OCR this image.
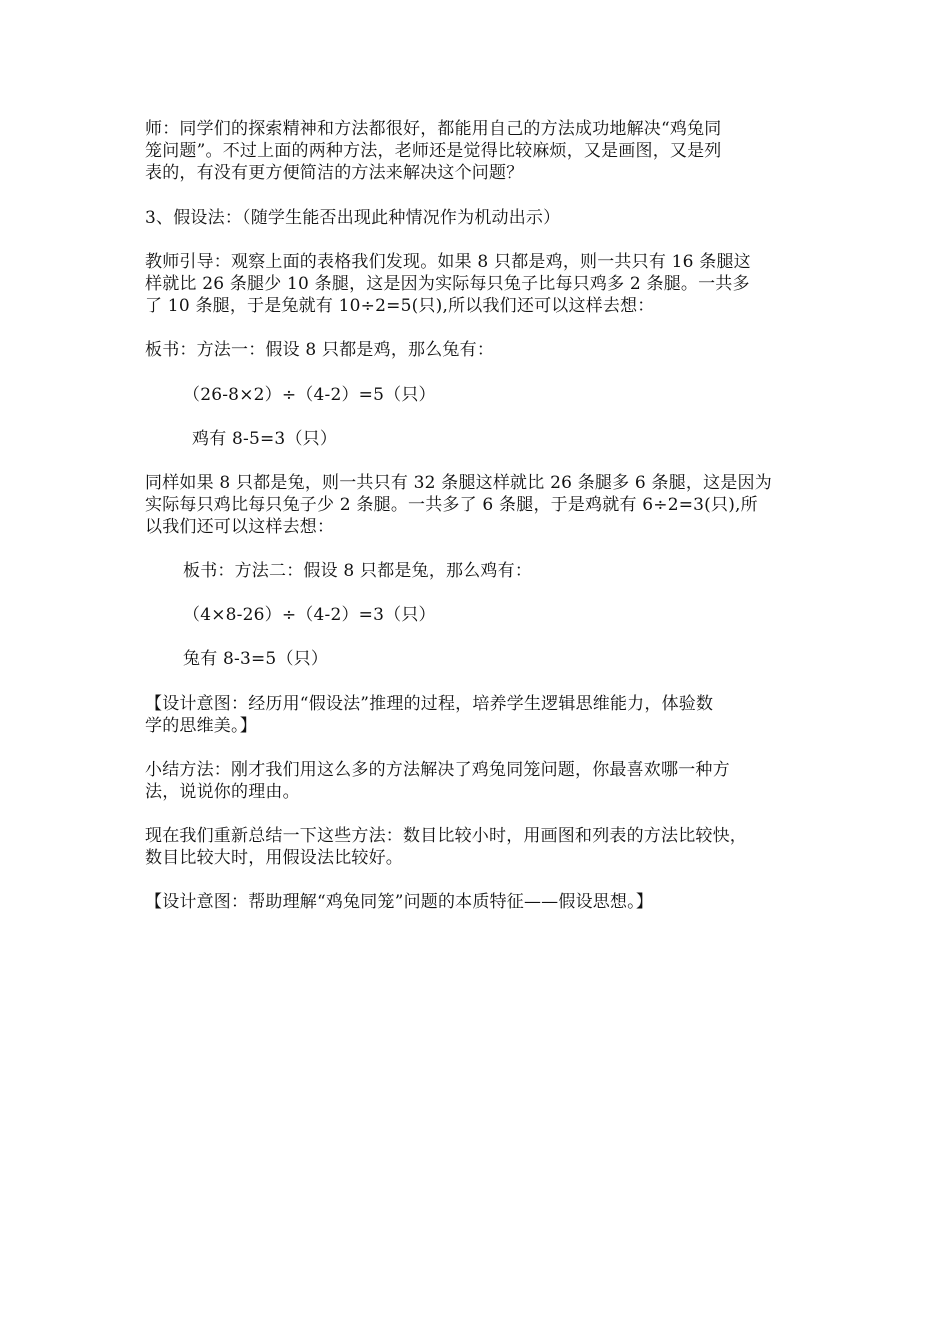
师：同学们的探索精神和方法都很好，都能用自己的方法成功地解决“鸡兔同

笼问题”。不过上面的两种方法，老师还是觉得比较麻烦，又是画图，又是列

表的，有没有更方便简洁的方法来解决这个问题？

3、假设法：（随学生能否出现此种情况作为机动出示）

教师引导：观察上面的表格我们发现。如果 8 只都是鸡，则一共只有 16 条腿这

样就比 26 条腿少 10 条腿，这是因为实际每只兔子比每只鸡多 2 条腿。一共多

了 10 条腿，于是兔就有 10÷2=5(只),所以我们还可以这样去想：

板书：方法一：假设 8 只都是鸡，那么兔有：

（26-8×2）÷（4-2）=5（只）

鸡有 8-5=3（只）

同样如果 8 只都是兔，则一共只有 32 条腿这样就比 26 条腿多 6 条腿，这是因为

实际每只鸡比每只兔子少 2 条腿。一共多了 6 条腿，于是鸡就有 6÷2=3(只),所

以我们还可以这样去想：

板书：方法二：假设 8 只都是兔，那么鸡有：

（4×8-26）÷（4-2）=3（只）

兔有 8-3=5（只）

【设计意图：经历用“假设法”推理的过程，培养学生逻辑思维能力，体验数

学的思维美。】

小结方法：刚才我们用这么多的方法解决了鸡兔同笼问题，你最喜欢哪一种方

法，说说你的理由。

现在我们重新总结一下这些方法：数目比较小时，用画图和列表的方法比较快，

数目比较大时，用假设法比较好。

【设计意图：帮助理解“鸡兔同笼”问题的本质特征——假设思想。】
